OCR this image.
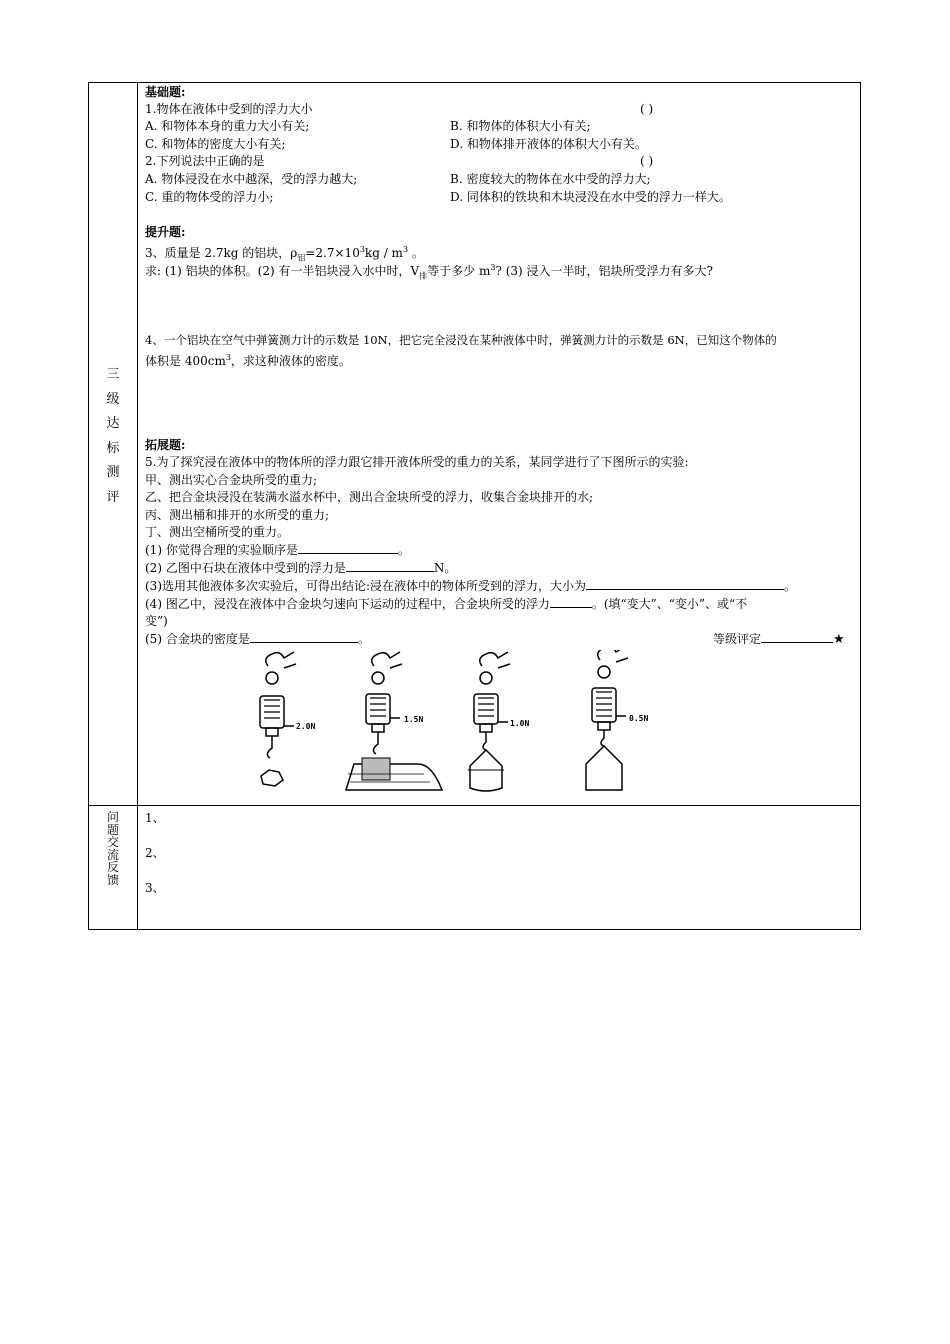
三
级
达
标
测
评
问
题
交
流
反
馈
基础题:
1.物体在液体中受到的浮力大小	( )
A. 和物体本身的重力大小有关;	B. 和物体的体积大小有关;
C. 和物体的密度大小有关;	D. 和物体排开液体的体积大小有关。
2.下列说法中正确的是	( )
A. 物体浸没在水中越深，受的浮力越大;	B. 密度较大的物体在水中受的浮力大;
C. 重的物体受的浮力小;	D. 同体积的铁块和木块浸没在水中受的浮力一样大。
提升题:
3、质量是 2.7kg 的铝块，$\rho_铝=2.7\times 10^3kg / m^3$ 。
求: (1) 铝块的体积。(2) 有一半铝块浸入水中时，$V_排$等于多少 $m^3$? (3) 浸入一半时，铝块所受浮力有多大?
4、一个铝块在空气中弹簧测力计的示数是 10N，把它完全浸没在某种液体中时，弹簧测力计的示数是 6N，已知这个物体的
体积是 $400cm^3$，求这种液体的密度。
拓展题:
5.为了探究浸在液体中的物体所的浮力跟它排开液体所受的重力的关系，某同学进行了下图所示的实验:
甲、测出实心合金块所受的重力;
乙、把合金块浸没在装满水溢水杯中，测出合金块所受的浮力，收集合金块排开的水;
丙、测出桶和排开的水所受的重力;
丁、测出空桶所受的重力。
(1) 你觉得合理的实验顺序是	。
(2) 乙图中石块在液体中受到的浮力是	N。
(3)选用其他液体多次实验后，可得出结论:浸在液体中的物体所受到的浮力，大小为	。
(4) 图乙中，浸没在液体中合金块匀速向下运动的过程中，合金块所受的浮力	。(填“变大”、“变小”、或“不
变”)
(5) 合金块的密度是	。	等级评定	★
2.0N
1.5N	1.0N
0.5N
1、
2、
3、
